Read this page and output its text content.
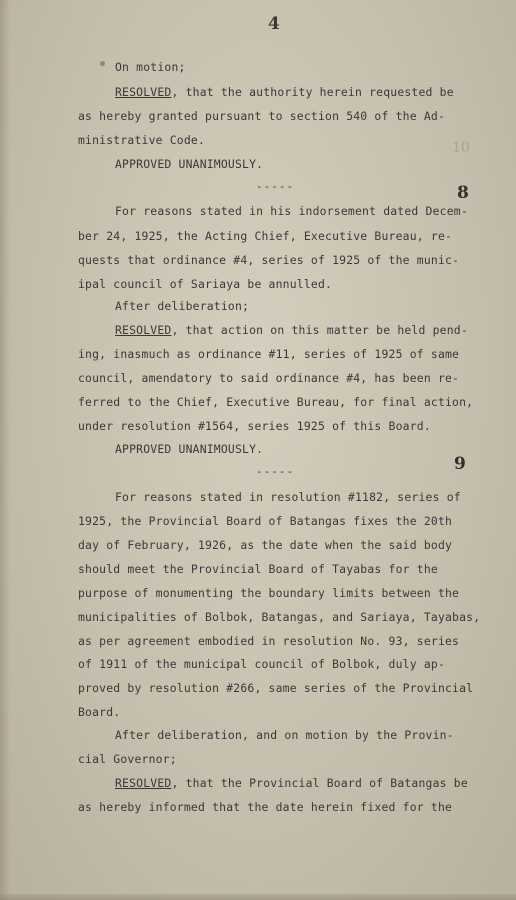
4
10
8
9
-----
-----
On motion;
RESOLVED, that the authority herein requested be
as hereby granted pursuant to section 540 of the Ad-
ministrative Code.
APPROVED UNANIMOUSLY.
For reasons stated in his indorsement dated Decem-
ber 24, 1925, the Acting Chief, Executive Bureau, re-
quests that ordinance #4, series of 1925 of the munic-
ipal council of Sariaya be annulled.
After deliberation;
RESOLVED, that action on this matter be held pend-
ing, inasmuch as ordinance #11, series of 1925 of same
council, amendatory to said ordinance #4, has been re-
ferred to the Chief, Executive Bureau, for final action,
under resolution #1564, series 1925 of this Board.
APPROVED UNANIMOUSLY.
For reasons stated in resolution #1182, series of
1925, the Provincial Board of Batangas fixes the 20th
day of February, 1926, as the date when the said body
should meet the Provincial Board of Tayabas for the
purpose of monumenting the boundary limits between the
municipalities of Bolbok, Batangas, and Sariaya, Tayabas,
as per agreement embodied in resolution No. 93, series
of 1911 of the municipal council of Bolbok, duly ap-
proved by resolution #266, same series of the Provincial
Board.
After deliberation, and on motion by the Provin-
cial Governor;
RESOLVED, that the Provincial Board of Batangas be
as hereby informed that the date herein fixed for the
